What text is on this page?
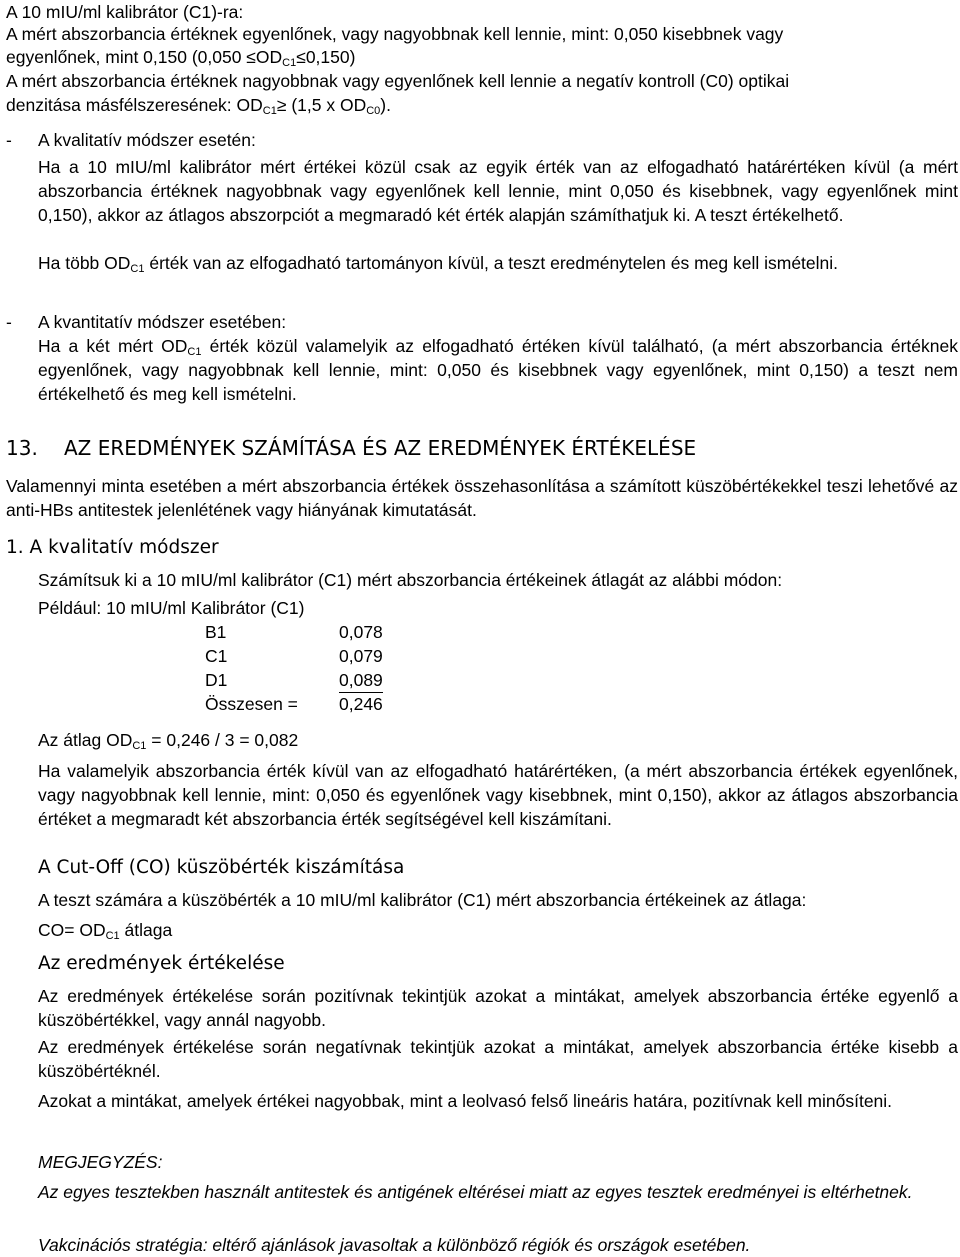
A 10 mIU/ml kalibrátor (C1)-ra:
A mért abszorbancia értéknek egyenlőnek, vagy nagyobbnak kell lennie, mint: 0,050 kisebbnek vagy
egyenlőnek, mint 0,150 $(0,050 \le OD_{C1}\le 0,150)$
A mért abszorbancia értéknek nagyobbnak vagy egyenlőnek kell lennie a negatív kontroll (C0) optikai
denzitása másfélszeresének: $OD_{C1}\ge (1,5$ x $OD_{C0}$).
- A kvalitatív módszer esetén:
Ha a 10 mIU/ml kalibrátor mért értékei közül csak az egyik érték van az elfogadható határértéken kívül (a mért abszorbancia értéknek nagyobbnak vagy egyenlőnek kell lennie, mint 0,050 és kisebbnek, vagy egyenlőnek mint 0,150), akkor az átlagos abszorpciót a megmaradó két érték alapján számíthatjuk ki. A teszt értékelhető.
Ha több $OD_{C1}$ érték van az elfogadható tartományon kívül, a teszt eredménytelen és meg kell ismételni.
- A kvantitatív módszer esetében:
Ha a két mért $OD_{C1}$ érték közül valamelyik az elfogadható értéken kívül található, (a mért abszorbancia értéknek egyenlőnek, vagy nagyobbnak kell lennie, mint: 0,050 és kisebbnek vagy egyenlőnek, mint 0,150) a teszt nem értékelhető és meg kell ismételni.
13. AZ EREDMÉNYEK SZÁMÍTÁSA ÉS AZ EREDMÉNYEK ÉRTÉKELÉSE
Valamennyi minta esetében a mért abszorbancia értékek összehasonlítása a számított küszöbértékekkel teszi lehetővé az anti-HBs antitestek jelenlétének vagy hiányának kimutatását.
1. A kvalitatív módszer
Számítsuk ki a 10 mIU/ml kalibrátor (C1) mért abszorbancia értékeinek átlagát az alábbi módon:
Például: 10 mIU/ml Kalibrátor (C1)
B1	0,078
C1	0,079
D1	0,089
Összesen = 0,246
Az átlag $OD_{C1} = 0,246 / 3 = 0,082$
Ha valamelyik abszorbancia érték kívül van az elfogadható határértéken, (a mért abszorbancia értékek egyenlőnek, vagy nagyobbnak kell lennie, mint: 0,050 és egyenlőnek vagy kisebbnek, mint 0,150), akkor az átlagos abszorbancia értéket a megmaradt két abszorbancia érték segítségével kell kiszámítani.
A Cut-Off (CO) küszöbérték kiszámítása
A teszt számára a küszöbérték a 10 mIU/ml kalibrátor (C1) mért abszorbancia értékeinek az átlaga:
$CO= OD_{C1}$ átlaga
Az eredmények értékelése
Az eredmények értékelése során pozitívnak tekintjük azokat a mintákat, amelyek abszorbancia értéke egyenlő a küszöbértékkel, vagy annál nagyobb.
Az eredmények értékelése során negatívnak tekintjük azokat a mintákat, amelyek abszorbancia értéke kisebb a küszöbértéknél.
Azokat a mintákat, amelyek értékei nagyobbak, mint a leolvasó felső lineáris határa, pozitívnak kell minősíteni.
MEGJEGYZÉS:
Az egyes tesztekben használt antitestek és antigének eltérései miatt az egyes tesztek eredményei is eltérhetnek.
Vakcinációs stratégia: eltérő ajánlások javasoltak a különböző régiók és országok esetében.
